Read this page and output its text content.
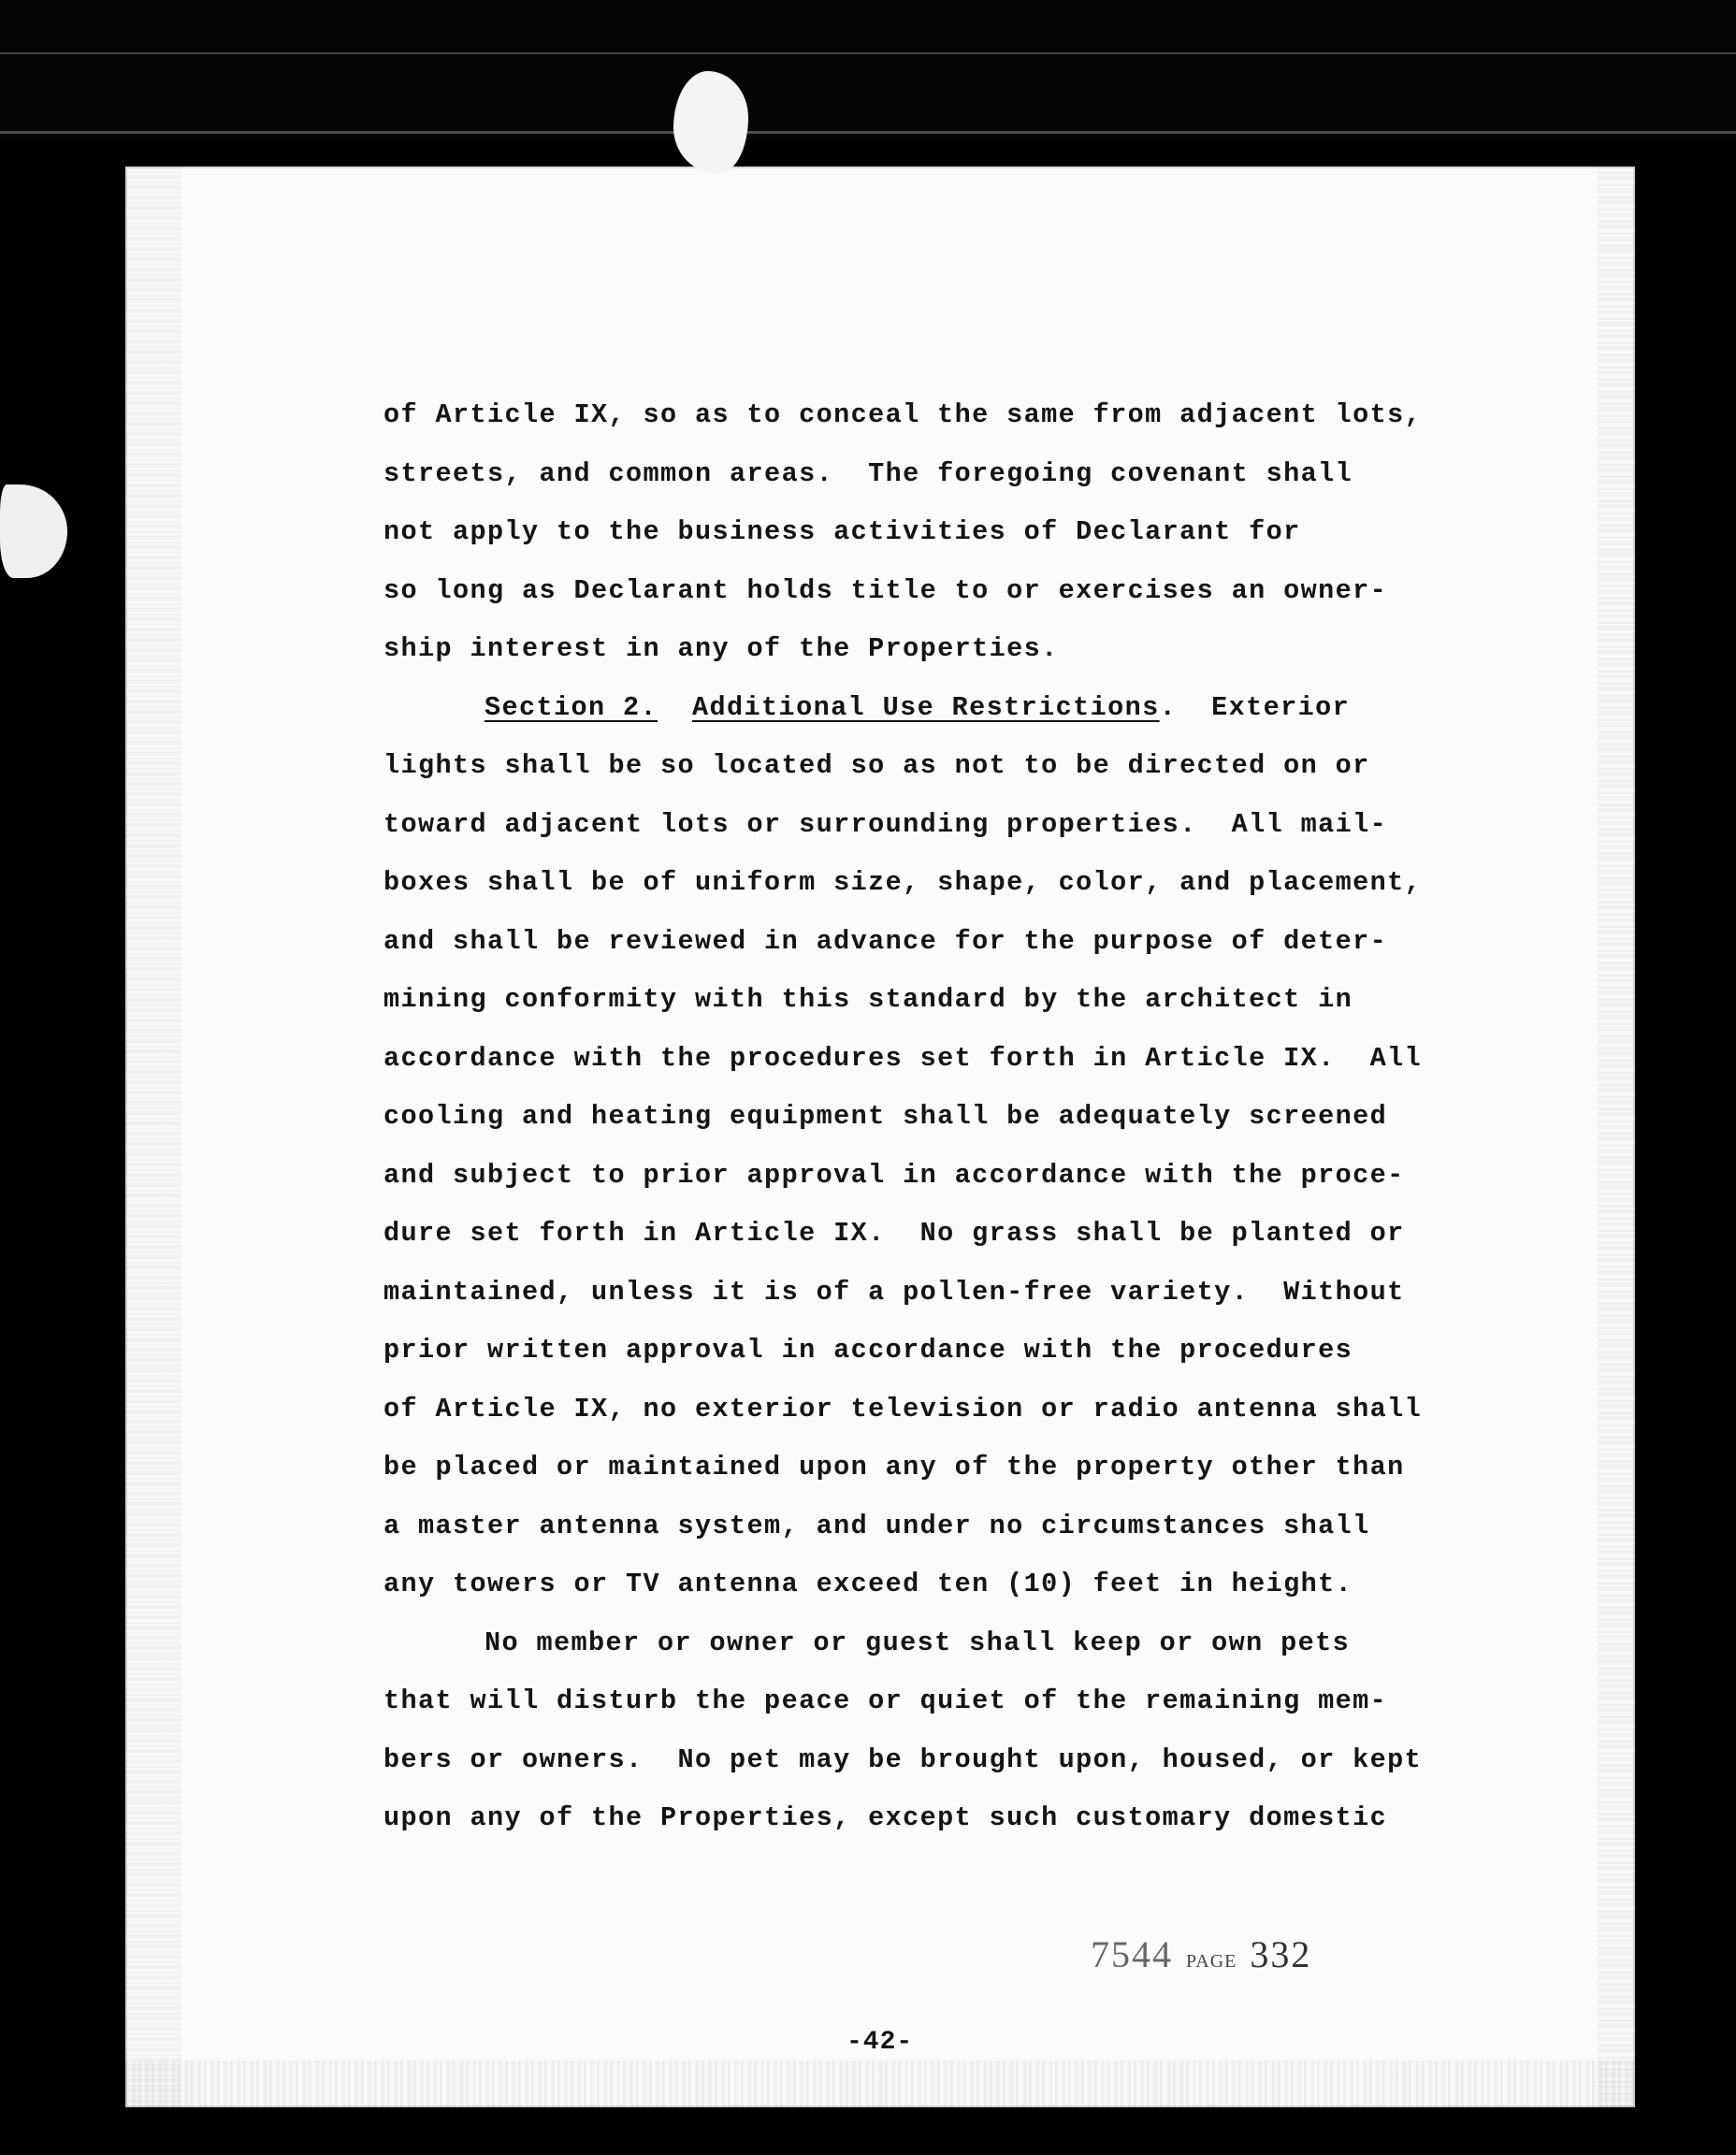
of Article IX, so as to conceal the same from adjacent lots,
streets, and common areas.  The foregoing covenant shall
not apply to the business activities of Declarant for
so long as Declarant holds title to or exercises an owner-
ship interest in any of the Properties.
Section 2. Additional Use Restrictions.  Exterior
lights shall be so located so as not to be directed on or
toward adjacent lots or surrounding properties.  All mail-
boxes shall be of uniform size, shape, color, and placement,
and shall be reviewed in advance for the purpose of deter-
mining conformity with this standard by the architect in
accordance with the procedures set forth in Article IX.  All
cooling and heating equipment shall be adequately screened
and subject to prior approval in accordance with the proce-
dure set forth in Article IX.  No grass shall be planted or
maintained, unless it is of a pollen-free variety.  Without
prior written approval in accordance with the procedures
of Article IX, no exterior television or radio antenna shall
be placed or maintained upon any of the property other than
a master antenna system, and under no circumstances shall
any towers or TV antenna exceed ten (10) feet in height.
No member or owner or guest shall keep or own pets
that will disturb the peace or quiet of the remaining mem-
bers or owners.  No pet may be brought upon, housed, or kept
upon any of the Properties, except such customary domestic
7544 PAGE 332
-42-
